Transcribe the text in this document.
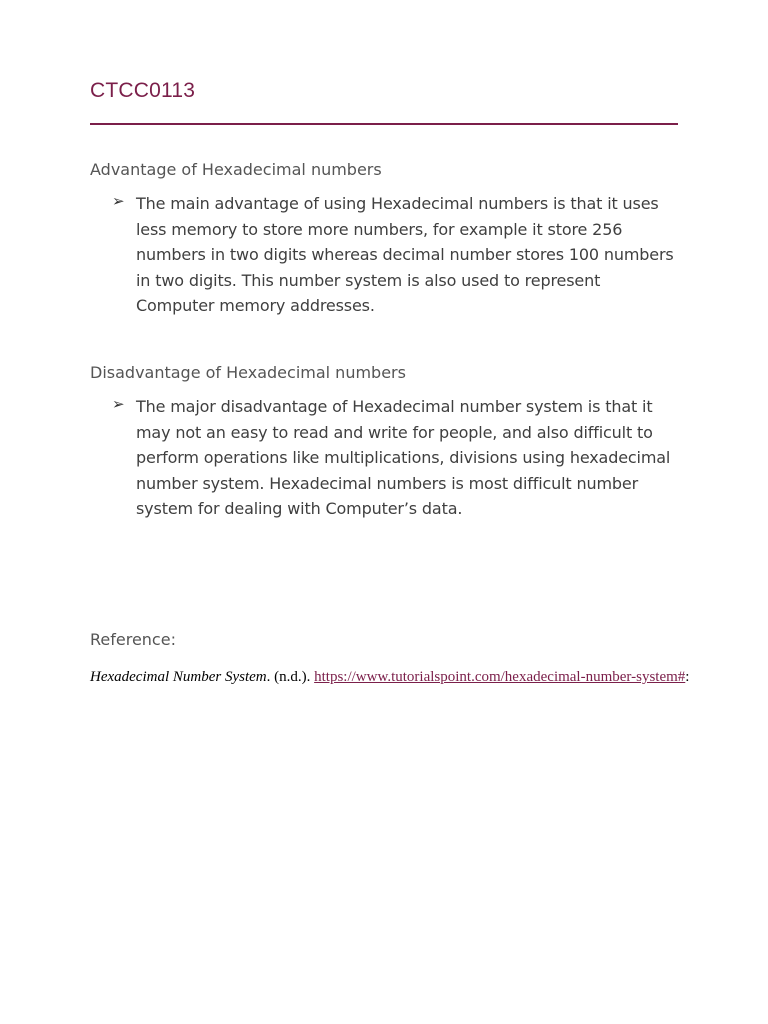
CTCC0113
Advantage of Hexadecimal numbers
➢ The main advantage of using Hexadecimal numbers is that it uses less memory to store more numbers, for example it store 256 numbers in two digits whereas decimal number stores 100 numbers in two digits. This number system is also used to represent Computer memory addresses.
Disadvantage of Hexadecimal numbers
➢ The major disadvantage of Hexadecimal number system is that it may not an easy to read and write for people, and also difficult to perform operations like multiplications, divisions using hexadecimal number system. Hexadecimal numbers is most difficult number system for dealing with Computer’s data.
Reference:
Hexadecimal Number System. (n.d.). https://www.tutorialspoint.com/hexadecimal-number-system#:
